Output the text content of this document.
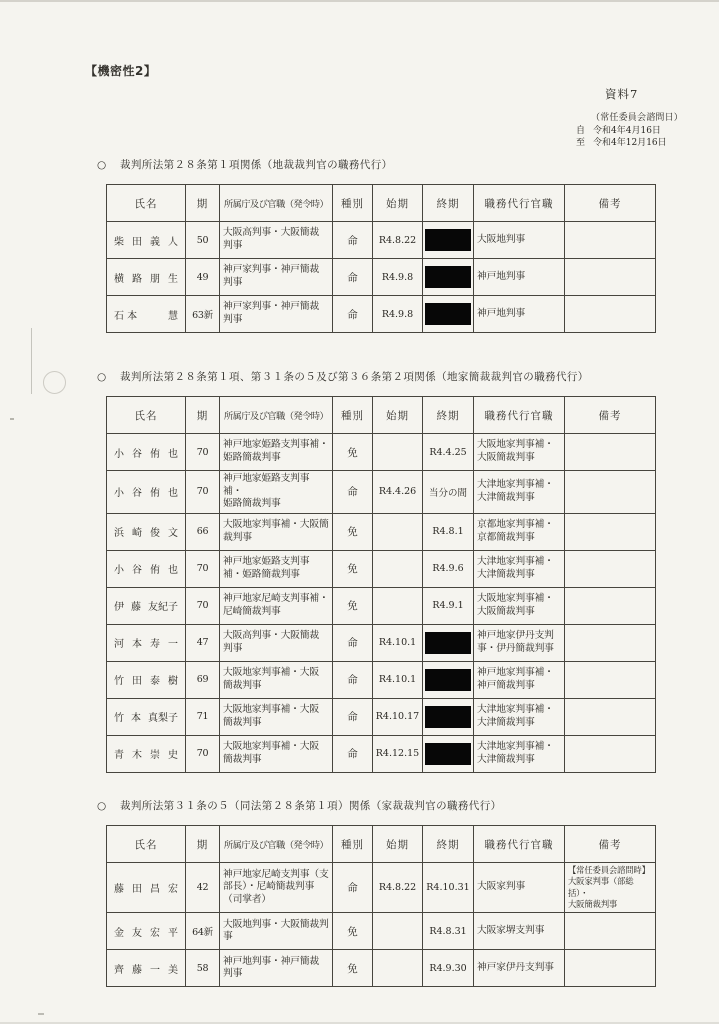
【機密性2】
資料7
（常任委員会諮問日）
自 令和4年4月16日
至 令和4年12月16日
○ 裁判所法第２８条第１項関係（地裁裁判官の職務代行）
氏名	期	所属庁及び官職（発令時）	種別	始期	終期	職務代行官職	備考

柴 田 義 人	50	大阪高判事・大阪簡裁
判事	命	R4.8.22		大阪地判事	

横 路 朋 生	49	神戸家判事・神戸簡裁
判事	命	R4.9.8		神戸地判事	

石 本 慧	63新	神戸家判事・神戸簡裁
判事	命	R4.9.8		神戸地判事	
○ 裁判所法第２８条第１項、第３１条の５及び第３６条第２項関係（地家簡裁裁判官の職務代行）
氏名	期	所属庁及び官職（発令時）	種別	始期	終期	職務代行官職	備考

小 谷 侑 也	70	神戸地家姫路支判事補・
姫路簡裁判事	免		R4.4.25	大阪地家判事補・
大阪簡裁判事	

小 谷 侑 也	70	神戸地家姫路支判事
補・
姫路簡裁判事	命	R4.4.26	当分の間	大津地家判事補・
大津簡裁判事	

浜 崎 俊 文	66	大阪地家判事補・大阪簡
裁判事	免		R4.8.1	京都地家判事補・
京都簡裁判事	

小 谷 侑 也	70	神戸地家姫路支判事
補・姫路簡裁判事	免		R4.9.6	大津地家判事補・
大津簡裁判事	

伊 藤 友紀子	70	神戸地家尼崎支判事補・
尼崎簡裁判事	免		R4.9.1	大阪地家判事補・
大阪簡裁判事	

河 本 寿 一	47	大阪高判事・大阪簡裁
判事	命	R4.10.1		神戸地家伊丹支判
事・伊丹簡裁判事	

竹 田 泰 樹	69	大阪地家判事補・大阪
簡裁判事	命	R4.10.1		神戸地家判事補・
神戸簡裁判事	

竹 本 真梨子	71	大阪地家判事補・大阪
簡裁判事	命	R4.10.17		大津地家判事補・
大津簡裁判事	

青 木 崇 史	70	大阪地家判事補・大阪
簡裁判事	命	R4.12.15		大津地家判事補・
大津簡裁判事	
○ 裁判所法第３１条の５（同法第２８条第１項）関係（家裁裁判官の職務代行）
氏名	期	所属庁及び官職（発令時）	種別	始期	終期	職務代行官職	備考

藤 田 昌 宏	42	神戸地家尼崎支判事（支
部長）・尼崎簡裁判事
（司掌者）	命	R4.8.22	R4.10.31	大阪家判事	【常任委員会諮問時】
大阪家判事（部総括）・
大阪簡裁判事

金 友 宏 平	64新	大阪地判事・大阪簡裁判
事	免		R4.8.31	大阪家堺支判事	

齊 藤 一 美	58	神戸地判事・神戸簡裁
判事	免		R4.9.30	神戸家伊丹支判事	
